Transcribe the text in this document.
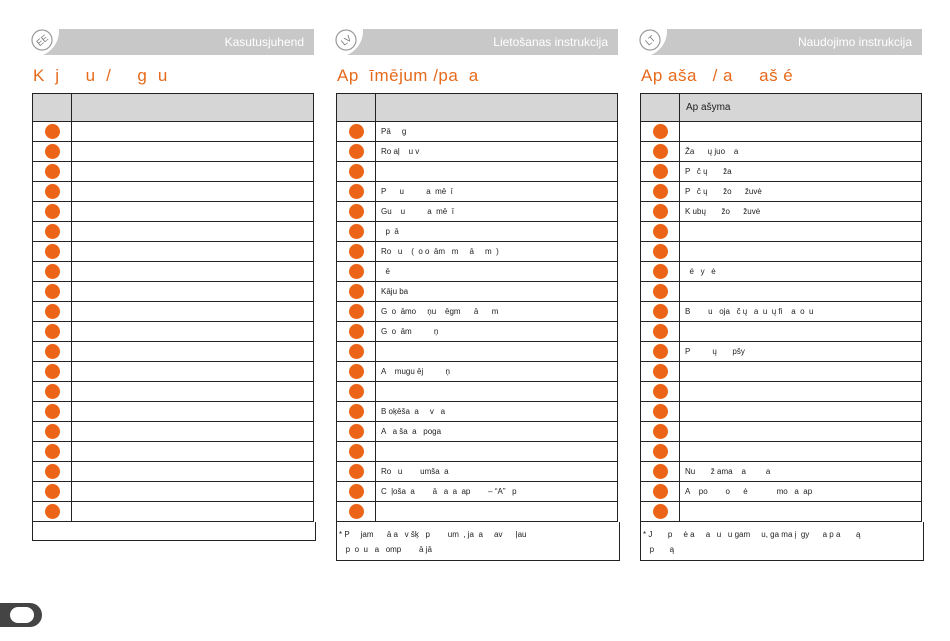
EE	Kasutusjuhend
K  j     u  /     g  u

LV	Lietošanas instrukcija
Ap  īmējum /pa  a

	Pā     g
	Ro aļ    u v

	P      u          a  mē  ī
	Gu    u          a  mē  ī
	p  ā
	Ro   u    (  o o  ām   m     ā     m  )
	ē
	Kāju ba
	G  o  āmo     ņu    ēgm      ā      m
	G  o  ām          ņ

	A    mugu ēj          ņ

	B oķēša  a     v   a
	A   a ša  a   poga

	Ro   u        umša  a
	C  ļoša  a        ā   a  a  ap        – “A”   p

* P     jam      ā a   v šķ   p        um  , ja  a     av      ļau
p  o  u   a   omp        ā jā
LT	Naudojimo instrukcija
Ap aša   / a     aš é
	Ap ašyma

	Ža      ų juo    a
	P   č ų       ža
	P   č ų       žo      žuvė
	K ubų       žo      žuvė

	é   y   ė

	B        u   oja   č ų   a  u  ų fi    a  o  u

	P          ų       pšy

	Nu       ž ama    a         a
	A    po        o      ė             mo   a  ap

* J       p     ė a     a   u   u gam     u, ga ma į  gy      a p a       ą
p       ą
